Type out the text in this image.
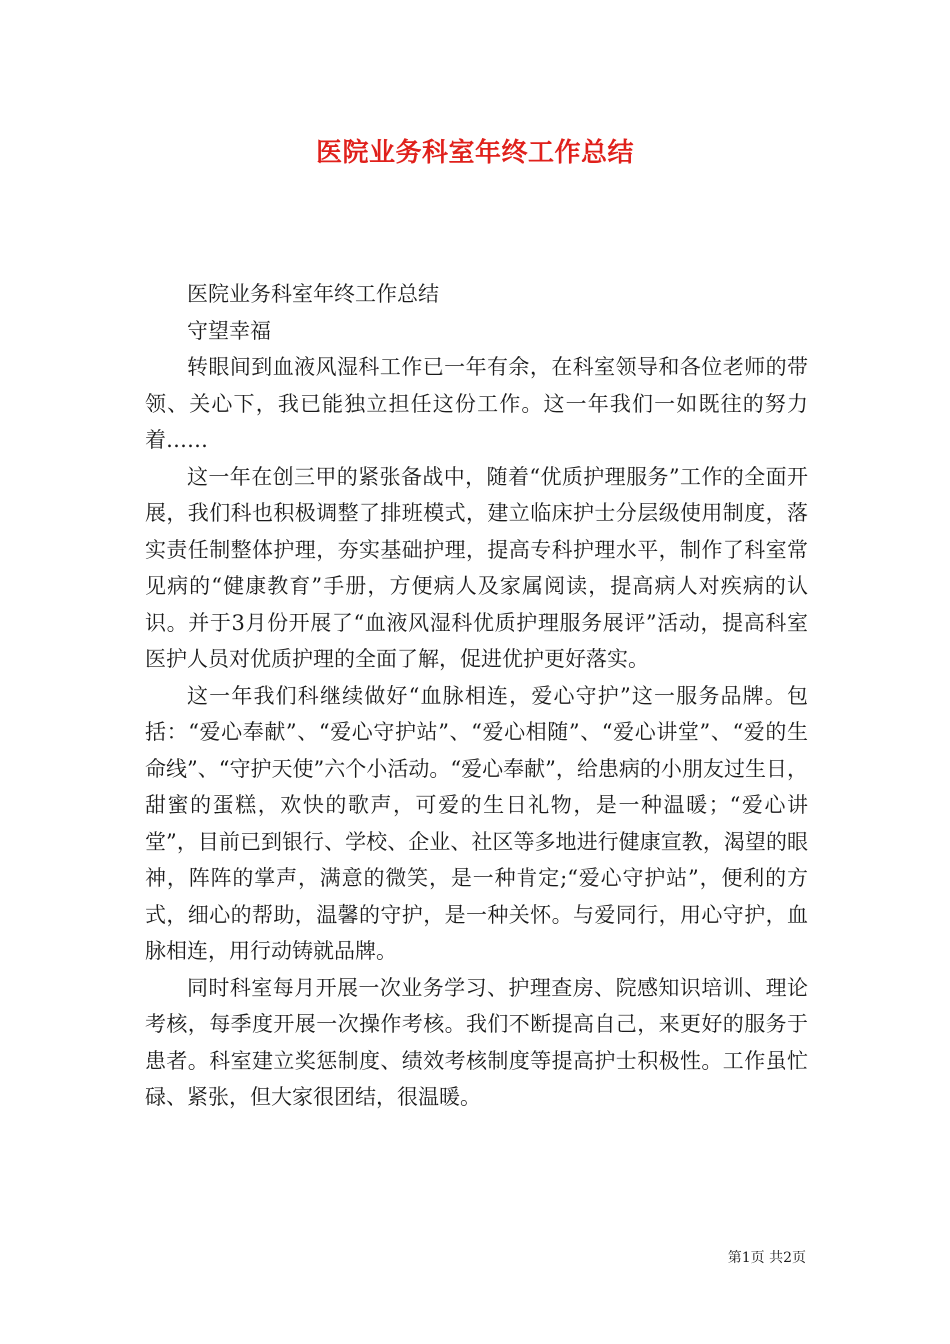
医院业务科室年终工作总结

医院业务科室年终工作总结

守望幸福

转眼间到血液风湿科工作已一年有余，在科室领导和各位老师的带领、关心下，我已能独立担任这份工作。这一年我们一如既往的努力着……

这一年在创三甲的紧张备战中，随着“优质护理服务”工作的全面开展，我们科也积极调整了排班模式，建立临床护士分层级使用制度，落实责任制整体护理，夯实基础护理，提高专科护理水平，制作了科室常见病的“健康教育”手册，方便病人及家属阅读，提高病人对疾病的认识。并于3月份开展了“血液风湿科优质护理服务展评”活动，提高科室医护人员对优质护理的全面了解，促进优护更好落实。

这一年我们科继续做好“血脉相连，爱心守护”这一服务品牌。包括：“爱心奉献”、“爱心守护站”、“爱心相随”、“爱心讲堂”、“爱的生命线”、“守护天使”六个小活动。“爱心奉献”，给患病的小朋友过生日，甜蜜的蛋糕，欢快的歌声，可爱的生日礼物，是一种温暖；“爱心讲堂”，目前已到银行、学校、企业、社区等多地进行健康宣教，渴望的眼神，阵阵的掌声，满意的微笑，是一种肯定;“爱心守护站”，便利的方式，细心的帮助，温馨的守护，是一种关怀。与爱同行，用心守护，血脉相连，用行动铸就品牌。

同时科室每月开展一次业务学习、护理查房、院感知识培训、理论考核，每季度开展一次操作考核。我们不断提高自己，来更好的服务于患者。科室建立奖惩制度、绩效考核制度等提高护士积极性。工作虽忙碌、紧张，但大家很团结，很温暖。

第1页 共2页
